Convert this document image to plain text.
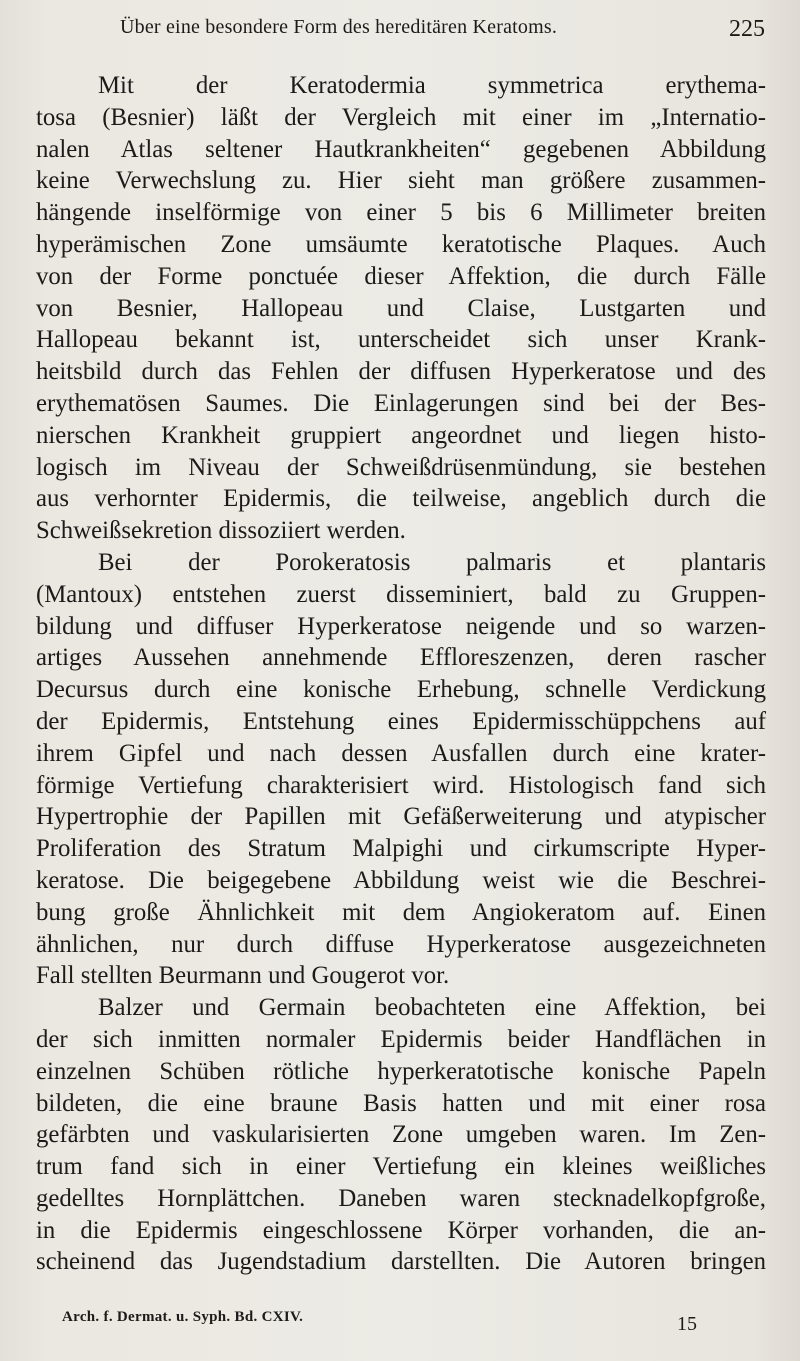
Über eine besondere Form des hereditären Keratoms.	225
Mit der Keratodermia symmetrica erythema-
tosa (Besnier) läßt der Vergleich mit einer im „Internatio-
nalen Atlas seltener Hautkrankheiten“ gegebenen Abbildung
keine Verwechslung zu. Hier sieht man größere zusammen-
hängende inselförmige von einer 5 bis 6 Millimeter breiten
hyperämischen Zone umsäumte keratotische Plaques. Auch
von der Forme ponctuée dieser Affektion, die durch Fälle
von Besnier, Hallopeau und Claise, Lustgarten und
Hallopeau bekannt ist, unterscheidet sich unser Krank-
heitsbild durch das Fehlen der diffusen Hyperkeratose und des
erythematösen Saumes. Die Einlagerungen sind bei der Bes-
nierschen Krankheit gruppiert angeordnet und liegen histo-
logisch im Niveau der Schweißdrüsenmündung, sie bestehen
aus verhornter Epidermis, die teilweise, angeblich durch die
Schweißsekretion dissoziiert werden.
Bei der Porokeratosis palmaris et plantaris
(Mantoux) entstehen zuerst disseminiert, bald zu Gruppen-
bildung und diffuser Hyperkeratose neigende und so warzen-
artiges Aussehen annehmende Effloreszenzen, deren rascher
Decursus durch eine konische Erhebung, schnelle Verdickung
der Epidermis, Entstehung eines Epidermisschüppchens auf
ihrem Gipfel und nach dessen Ausfallen durch eine krater-
förmige Vertiefung charakterisiert wird. Histologisch fand sich
Hypertrophie der Papillen mit Gefäßerweiterung und atypischer
Proliferation des Stratum Malpighi und cirkumscripte Hyper-
keratose. Die beigegebene Abbildung weist wie die Beschrei-
bung große Ähnlichkeit mit dem Angiokeratom auf. Einen
ähnlichen, nur durch diffuse Hyperkeratose ausgezeichneten
Fall stellten Beurmann und Gougerot vor.
Balzer und Germain beobachteten eine Affektion, bei
der sich inmitten normaler Epidermis beider Handflächen in
einzelnen Schüben rötliche hyperkeratotische konische Papeln
bildeten, die eine braune Basis hatten und mit einer rosa
gefärbten und vaskularisierten Zone umgeben waren. Im Zen-
trum fand sich in einer Vertiefung ein kleines weißliches
gedelltes Hornplättchen. Daneben waren stecknadelkopfgroße,
in die Epidermis eingeschlossene Körper vorhanden, die an-
scheinend das Jugendstadium darstellten. Die Autoren bringen
Arch. f. Dermat. u. Syph. Bd. CXIV.	15
